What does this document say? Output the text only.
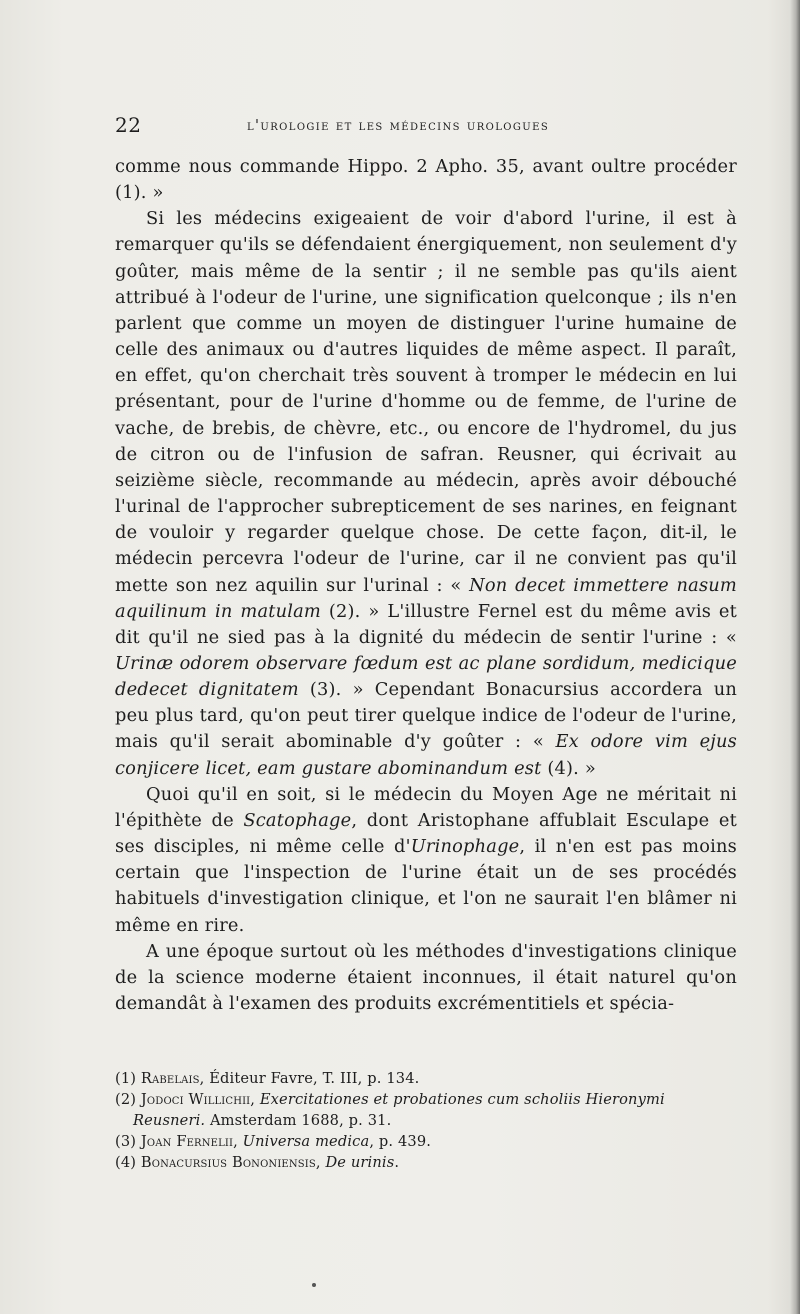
22	l'urologie et les médecins urologues

comme nous commande Hippo. 2 Apho. 35, avant oultre procéder (1). »

Si les médecins exigeaient de voir d'abord l'urine, il est à remarquer qu'ils se défendaient énergiquement, non seulement d'y goûter, mais même de la sentir ; il ne semble pas qu'ils aient attribué à l'odeur de l'urine, une signification quelconque ; ils n'en parlent que comme un moyen de distinguer l'urine humaine de celle des animaux ou d'autres liquides de même aspect. Il paraît, en effet, qu'on cherchait très souvent à tromper le médecin en lui présentant, pour de l'urine d'homme ou de femme, de l'urine de vache, de brebis, de chèvre, etc., ou encore de l'hydromel, du jus de citron ou de l'infusion de safran. Reusner, qui écrivait au seizième siècle, recommande au médecin, après avoir débouché l'urinal de l'approcher subrepticement de ses narines, en feignant de vouloir y regarder quelque chose. De cette façon, dit-il, le médecin percevra l'odeur de l'urine, car il ne convient pas qu'il mette son nez aquilin sur l'urinal : « Non decet immettere nasum aquilinum in matulam (2). » L'illustre Fernel est du même avis et dit qu'il ne sied pas à la dignité du médecin de sentir l'urine : « Urinæ odorem observare fœdum est ac plane sordidum, medicique dedecet dignitatem (3). » Cependant Bonacursius accordera un peu plus tard, qu'on peut tirer quelque indice de l'odeur de l'urine, mais qu'il serait abominable d'y goûter : « Ex odore vim ejus conjicere licet, eam gustare abominandum est (4). »

Quoi qu'il en soit, si le médecin du Moyen Age ne méritait ni l'épithète de Scatophage, dont Aristophane affublait Esculape et ses disciples, ni même celle d'Urinophage, il n'en est pas moins certain que l'inspection de l'urine était un de ses procédés habituels d'investigation clinique, et l'on ne saurait l'en blâmer ni même en rire.

A une époque surtout où les méthodes d'investigations clinique de la science moderne étaient inconnues, il était naturel qu'on demandât à l'examen des produits excrémentitiels et spécia-

(1) Rabelais, Éditeur Favre, T. III, p. 134.

(2) Jodoci Willichii, Exercitationes et probationes cum scholiis Hieronymi Reusneri. Amsterdam 1688, p. 31.

(3) Joan Fernelii, Universa medica, p. 439.

(4) Bonacursius Bononiensis, De urinis.
